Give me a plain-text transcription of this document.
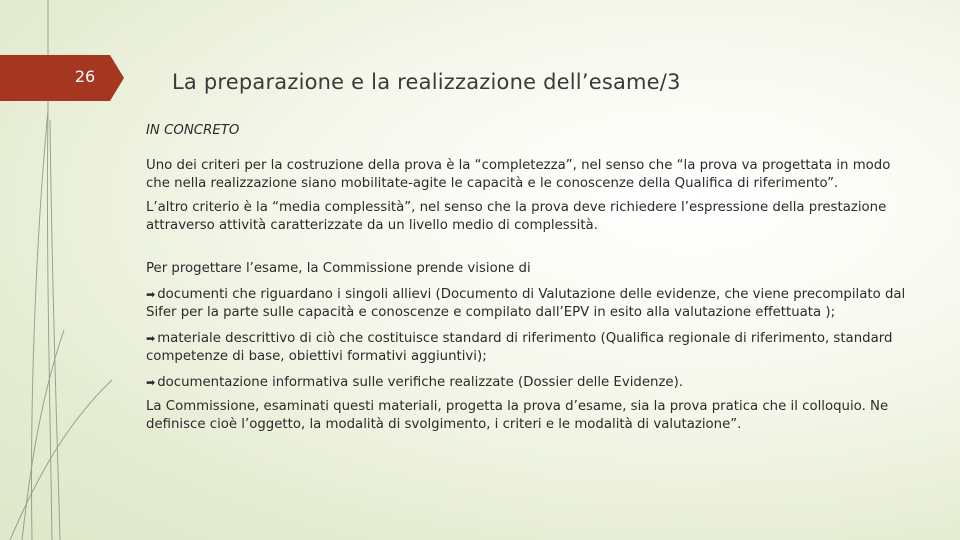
26	La preparazione e la realizzazione dell’esame/3

IN CONCRETO

Uno dei criteri per la costruzione della prova è la “completezza”, nel senso che “la prova va progettata in modo che nella realizzazione siano mobilitate-agite le capacità e le conoscenze della Qualifica di riferimento”.

L’altro criterio è la “media complessità”, nel senso che la prova deve richiedere l’espressione della prestazione attraverso attività caratterizzate da un livello medio di complessità.

Per progettare l’esame, la Commissione prende visione di

➡ documenti che riguardano i singoli allievi (Documento di Valutazione delle evidenze, che viene precompilato dal Sifer per la parte sulle capacità e conoscenze e compilato dall’EPV in esito alla valutazione effettuata );

➡ materiale descrittivo di ciò che costituisce standard di riferimento (Qualifica regionale di riferimento, standard competenze di base, obiettivi formativi aggiuntivi);

➡ documentazione informativa sulle verifiche realizzate (Dossier delle Evidenze).

La Commissione, esaminati questi materiali, progetta la prova d’esame, sia la prova pratica che il colloquio. Ne definisce cioè l’oggetto, la modalità di svolgimento, i criteri e le modalità di valutazione”.
